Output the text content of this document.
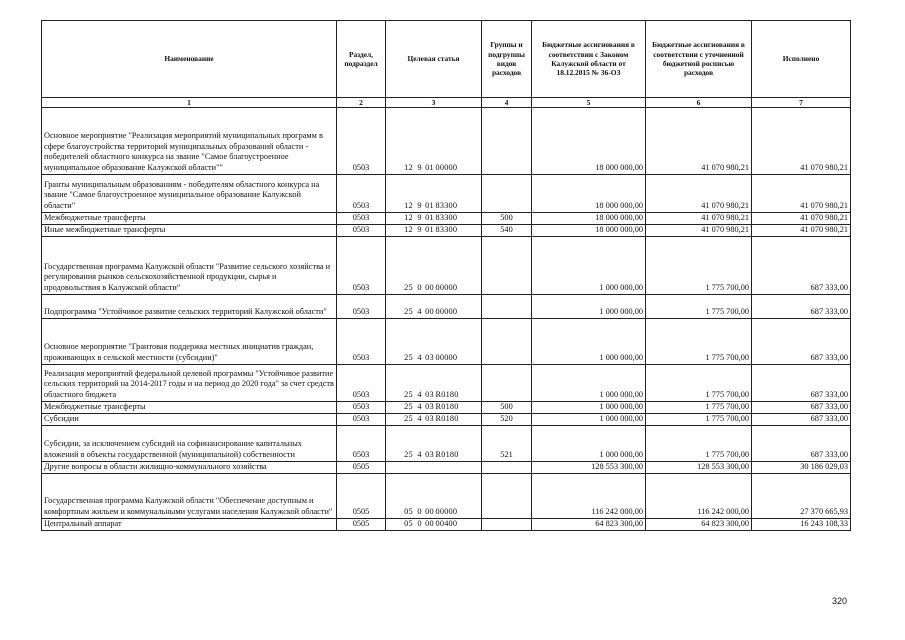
Наименование	Раздел, подраздел	Целевая статья	Группы и подгруппы видов расходов	Бюджетные ассигнования в соответствии с Законом Калужской области от 18.12.2015 № 36-ОЗ	Бюджетные ассигнования в соответствии с уточненной бюджетной росписью расходов	Исполнено
1	2	3	4	5	6	7
Основное мероприятие "Реализация мероприятий муниципальных программ в сфере благоустройства территорий муниципальных образований области - победителей областного конкурса на звание "Самое благоустроенное муниципальное образование Калужской области""	0503	12 9 01 00000		18 000 000,00	41 070 980,21	41 070 980,21
Гранты муниципальным образованиям - победителям областного конкурса на звание "Самое благоустроенное муниципальное образование Калужской области"	0503	12 9 01 83300		18 000 000,00	41 070 980,21	41 070 980,21
Межбюджетные трансферты	0503	12 9 01 83300	500	18 000 000,00	41 070 980,21	41 070 980,21
Иные межбюджетные трансферты	0503	12 9 01 83300	540	18 000 000,00	41 070 980,21	41 070 980,21
Государственная программа Калужской области "Развитие сельского хозяйства и регулирования рынков сельскохозяйственной продукции, сырья и продовольствия в Калужской области"	0503	25 0 00 00000		1 000 000,00	1 775 700,00	687 333,00
Подпрограмма "Устойчивое развитие сельских территорий Калужской области"	0503	25 4 00 00000		1 000 000,00	1 775 700,00	687 333,00
Основное мероприятие "Грантовая поддержка местных инициатив граждан, проживающих в сельской местности (субсидии)"	0503	25 4 03 00000		1 000 000,00	1 775 700,00	687 333,00
Реализация мероприятий федеральной целевой программы "Устойчивое развитие сельских территорий на 2014-2017 годы и на период до 2020 года" за счет средств областного бюджета	0503	25 4 03 R0180		1 000 000,00	1 775 700,00	687 333,00
Межбюджетные трансферты	0503	25 4 03 R0180	500	1 000 000,00	1 775 700,00	687 333,00
Субсидии	0503	25 4 03 R0180	520	1 000 000,00	1 775 700,00	687 333,00
Субсидии, за исключением субсидий на софинансирование капитальных вложений в объекты государственной (муниципальной) собственности	0503	25 4 03 R0180	521	1 000 000,00	1 775 700,00	687 333,00
Другие вопросы в области жилищно-коммунального хозяйства	0505			128 553 300,00	128 553 300,00	30 186 029,03
Государственная программа Калужской области "Обеспечение доступным и комфортным жильем и коммунальными услугами населения Калужской области"	0505	05 0 00 00000		116 242 000,00	116 242 000,00	27 370 665,93
Центральный аппарат	0505	05 0 00 00400		64 823 300,00	64 823 300,00	16 243 108,33
320
